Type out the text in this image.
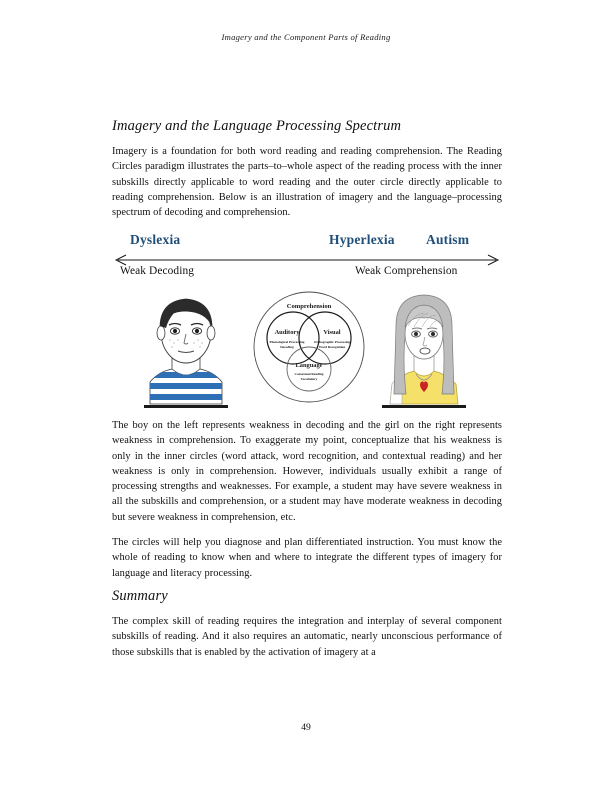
Imagery and the Component Parts of Reading
Imagery and the Language Processing Spectrum

Imagery is a foundation for both word reading and reading comprehension. The Reading Circles paradigm illustrates the parts–to–whole aspect of the reading process with the inner subskills directly applicable to word reading and the outer circle directly applicable to reading comprehension. Below is an illustration of imagery and the language–processing spectrum of decoding and comprehension.

Dyslexia	Hyperlexia Autism
Weak Decoding	Weak Comprehension
Comprehension
Auditory
Phonological Processing
Decoding
Visual
Orthographic Processing
Word Recognition
Language
Contextual Reading
Vocabulary

The boy on the left represents weakness in decoding and the girl on the right represents weakness in comprehension. To exaggerate my point, conceptualize that his weakness is only in the inner circles (word attack, word recognition, and contextual reading) and her weakness is only in comprehension. However, individuals usually exhibit a range of processing strengths and weaknesses. For example, a student may have severe weakness in all the subskills and comprehension, or a student may have moderate weakness in decoding but severe weakness in comprehension, etc.

The circles will help you diagnose and plan differentiated instruction. You must know the whole of reading to know when and where to integrate the different types of imagery for language and literacy processing.

Summary

The complex skill of reading requires the integration and interplay of several component subskills of reading. And it also requires an automatic, nearly unconscious performance of those subskills that is enabled by the activation of imagery at a

49
